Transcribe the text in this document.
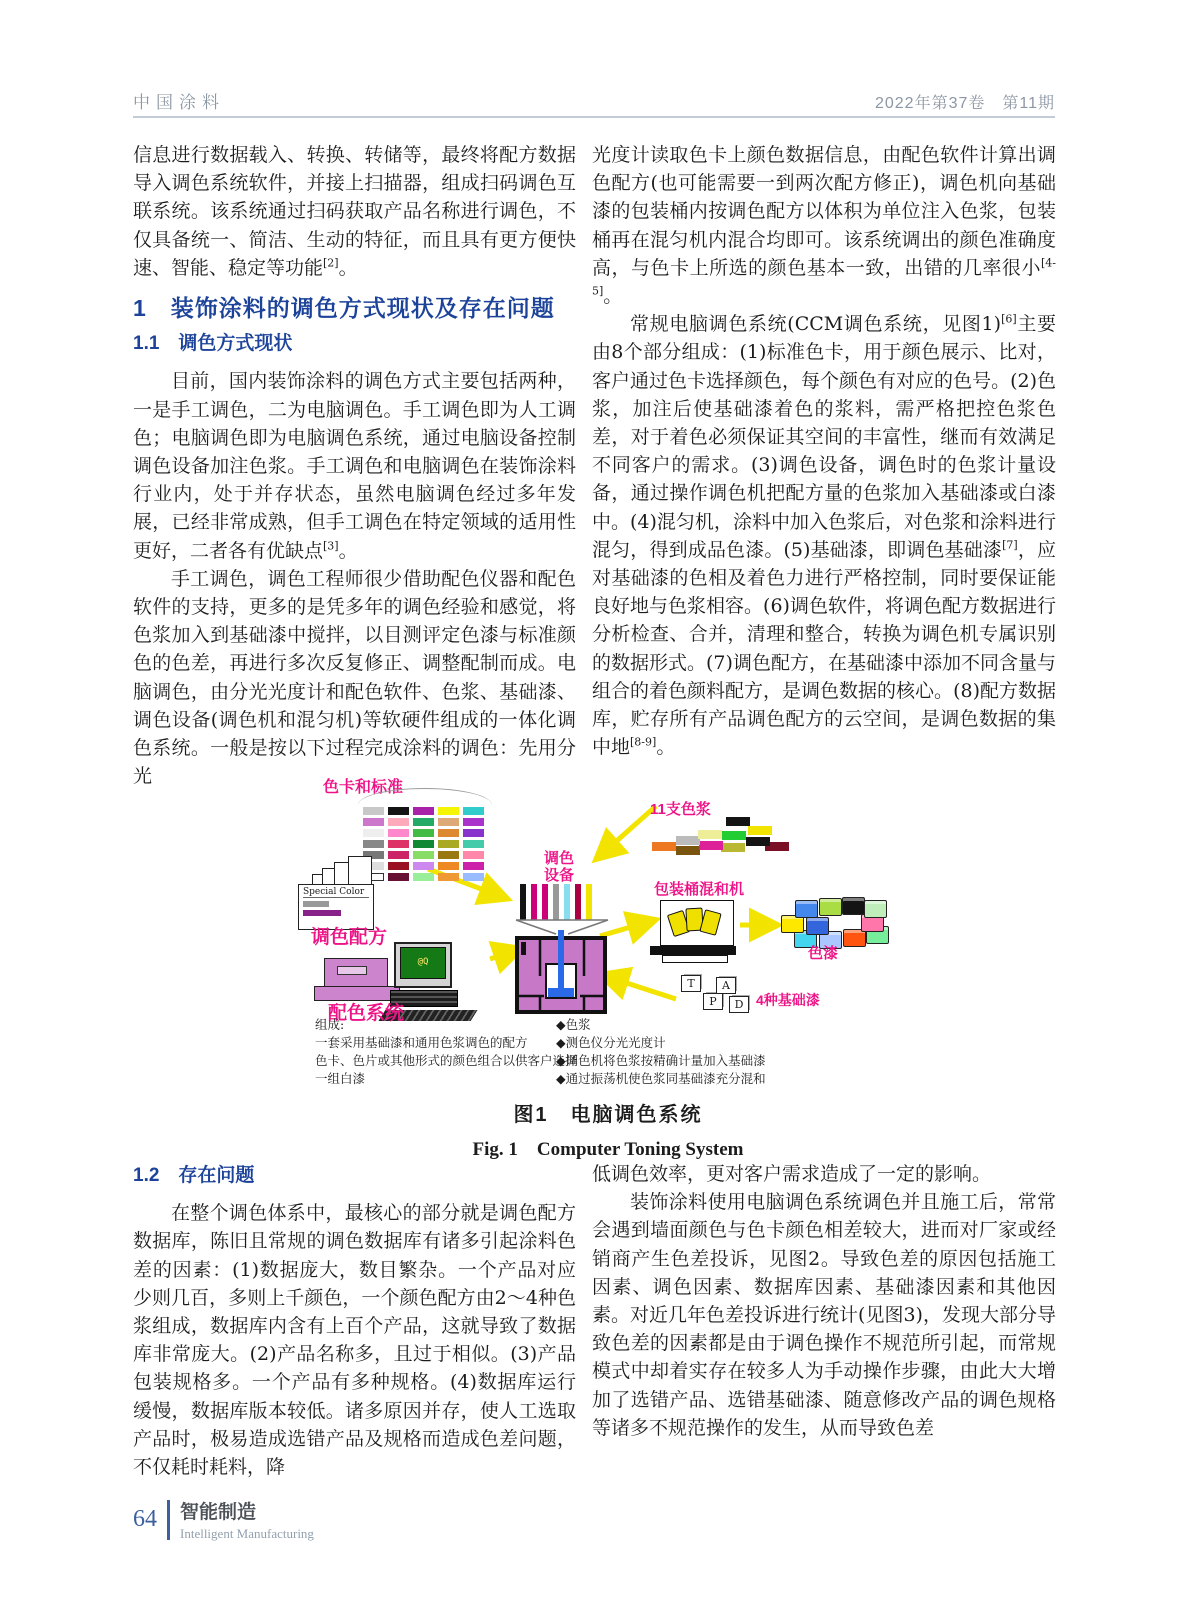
中国涂料	2022年第37卷　第11期

信息进行数据载入、转换、转储等，最终将配方数据导入调色系统软件，并接上扫描器，组成扫码调色互联系统。该系统通过扫码获取产品名称进行调色，不仅具备统一、简洁、生动的特征，而且具有更方便快速、智能、稳定等功能[2]。

1　装饰涂料的调色方式现状及存在问题
1.1　调色方式现状

目前，国内装饰涂料的调色方式主要包括两种，一是手工调色，二为电脑调色。手工调色即为人工调色；电脑调色即为电脑调色系统，通过电脑设备控制调色设备加注色浆。手工调色和电脑调色在装饰涂料行业内，处于并存状态，虽然电脑调色经过多年发展，已经非常成熟，但手工调色在特定领域的适用性更好，二者各有优缺点[3]。

手工调色，调色工程师很少借助配色仪器和配色软件的支持，更多的是凭多年的调色经验和感觉，将色浆加入到基础漆中搅拌，以目测评定色漆与标准颜色的色差，再进行多次反复修正、调整配制而成。电脑调色，由分光光度计和配色软件、色浆、基础漆、调色设备(调色机和混匀机)等软硬件组成的一体化调色系统。一般是按以下过程完成涂料的调色：先用分光

光度计读取色卡上颜色数据信息，由配色软件计算出调色配方(也可能需要一到两次配方修正)，调色机向基础漆的包装桶内按调色配方以体积为单位注入色浆，包装桶再在混匀机内混合均即可。该系统调出的颜色准确度高，与色卡上所选的颜色基本一致，出错的几率很小[4-5]。

常规电脑调色系统(CCM调色系统，见图1)[6]主要由8个部分组成：(1)标准色卡，用于颜色展示、比对，客户通过色卡选择颜色，每个颜色有对应的色号。(2)色浆，加注后使基础漆着色的浆料，需严格把控色浆色差，对于着色必须保证其空间的丰富性，继而有效满足不同客户的需求。(3)调色设备，调色时的色浆计量设备，通过操作调色机把配方量的色浆加入基础漆或白漆中。(4)混匀机，涂料中加入色浆后，对色浆和涂料进行混匀，得到成品色漆。(5)基础漆，即调色基础漆[7]，应对基础漆的色相及着色力进行严格控制，同时要保证能良好地与色浆相容。(6)调色软件，将调色配方数据进行分析检查、合并，清理和整合，转换为调色机专属识别的数据形式。(7)调色配方，在基础漆中添加不同含量与组合的着色颜料配方，是调色数据的核心。(8)配方数据库，贮存所有产品调色配方的云空间，是调色数据的集中地[8-9]。

色卡和标准
Special Color
调色配方
@Q
配色系统
调色设备
11支色浆
包装桶混和机
色漆
D
P
A
T
4种基础漆
组成:
一套采用基础漆和通用色浆调色的配方
色卡、色片或其他形式的颜色组合以供客户选择
一组白漆
◆色浆
◆测色仪分光光度计
◆调色机将色浆按精确计量加入基础漆
◆通过振荡机使色浆同基础漆充分混和
图1　电脑调色系统
Fig. 1　Computer Toning System
1.2　存在问题

在整个调色体系中，最核心的部分就是调色配方数据库，陈旧且常规的调色数据库有诸多引起涂料色差的因素：(1)数据庞大，数目繁杂。一个产品对应少则几百，多则上千颜色，一个颜色配方由2～4种色浆组成，数据库内含有上百个产品，这就导致了数据库非常庞大。(2)产品名称多，且过于相似。(3)产品包装规格多。一个产品有多种规格。(4)数据库运行缓慢，数据库版本较低。诸多原因并存，使人工选取产品时，极易造成选错产品及规格而造成色差问题，不仅耗时耗料，降

低调色效率，更对客户需求造成了一定的影响。

装饰涂料使用电脑调色系统调色并且施工后，常常会遇到墙面颜色与色卡颜色相差较大，进而对厂家或经销商产生色差投诉，见图2。导致色差的原因包括施工因素、调色因素、数据库因素、基础漆因素和其他因素。对近几年色差投诉进行统计(见图3)，发现大部分导致色差的因素都是由于调色操作不规范所引起，而常规模式中却着实存在较多人为手动操作步骤，由此大大增加了选错产品、选错基础漆、随意修改产品的调色规格等诸多不规范操作的发生，从而导致色差

64 智能制造
Intelligent Manufacturing
